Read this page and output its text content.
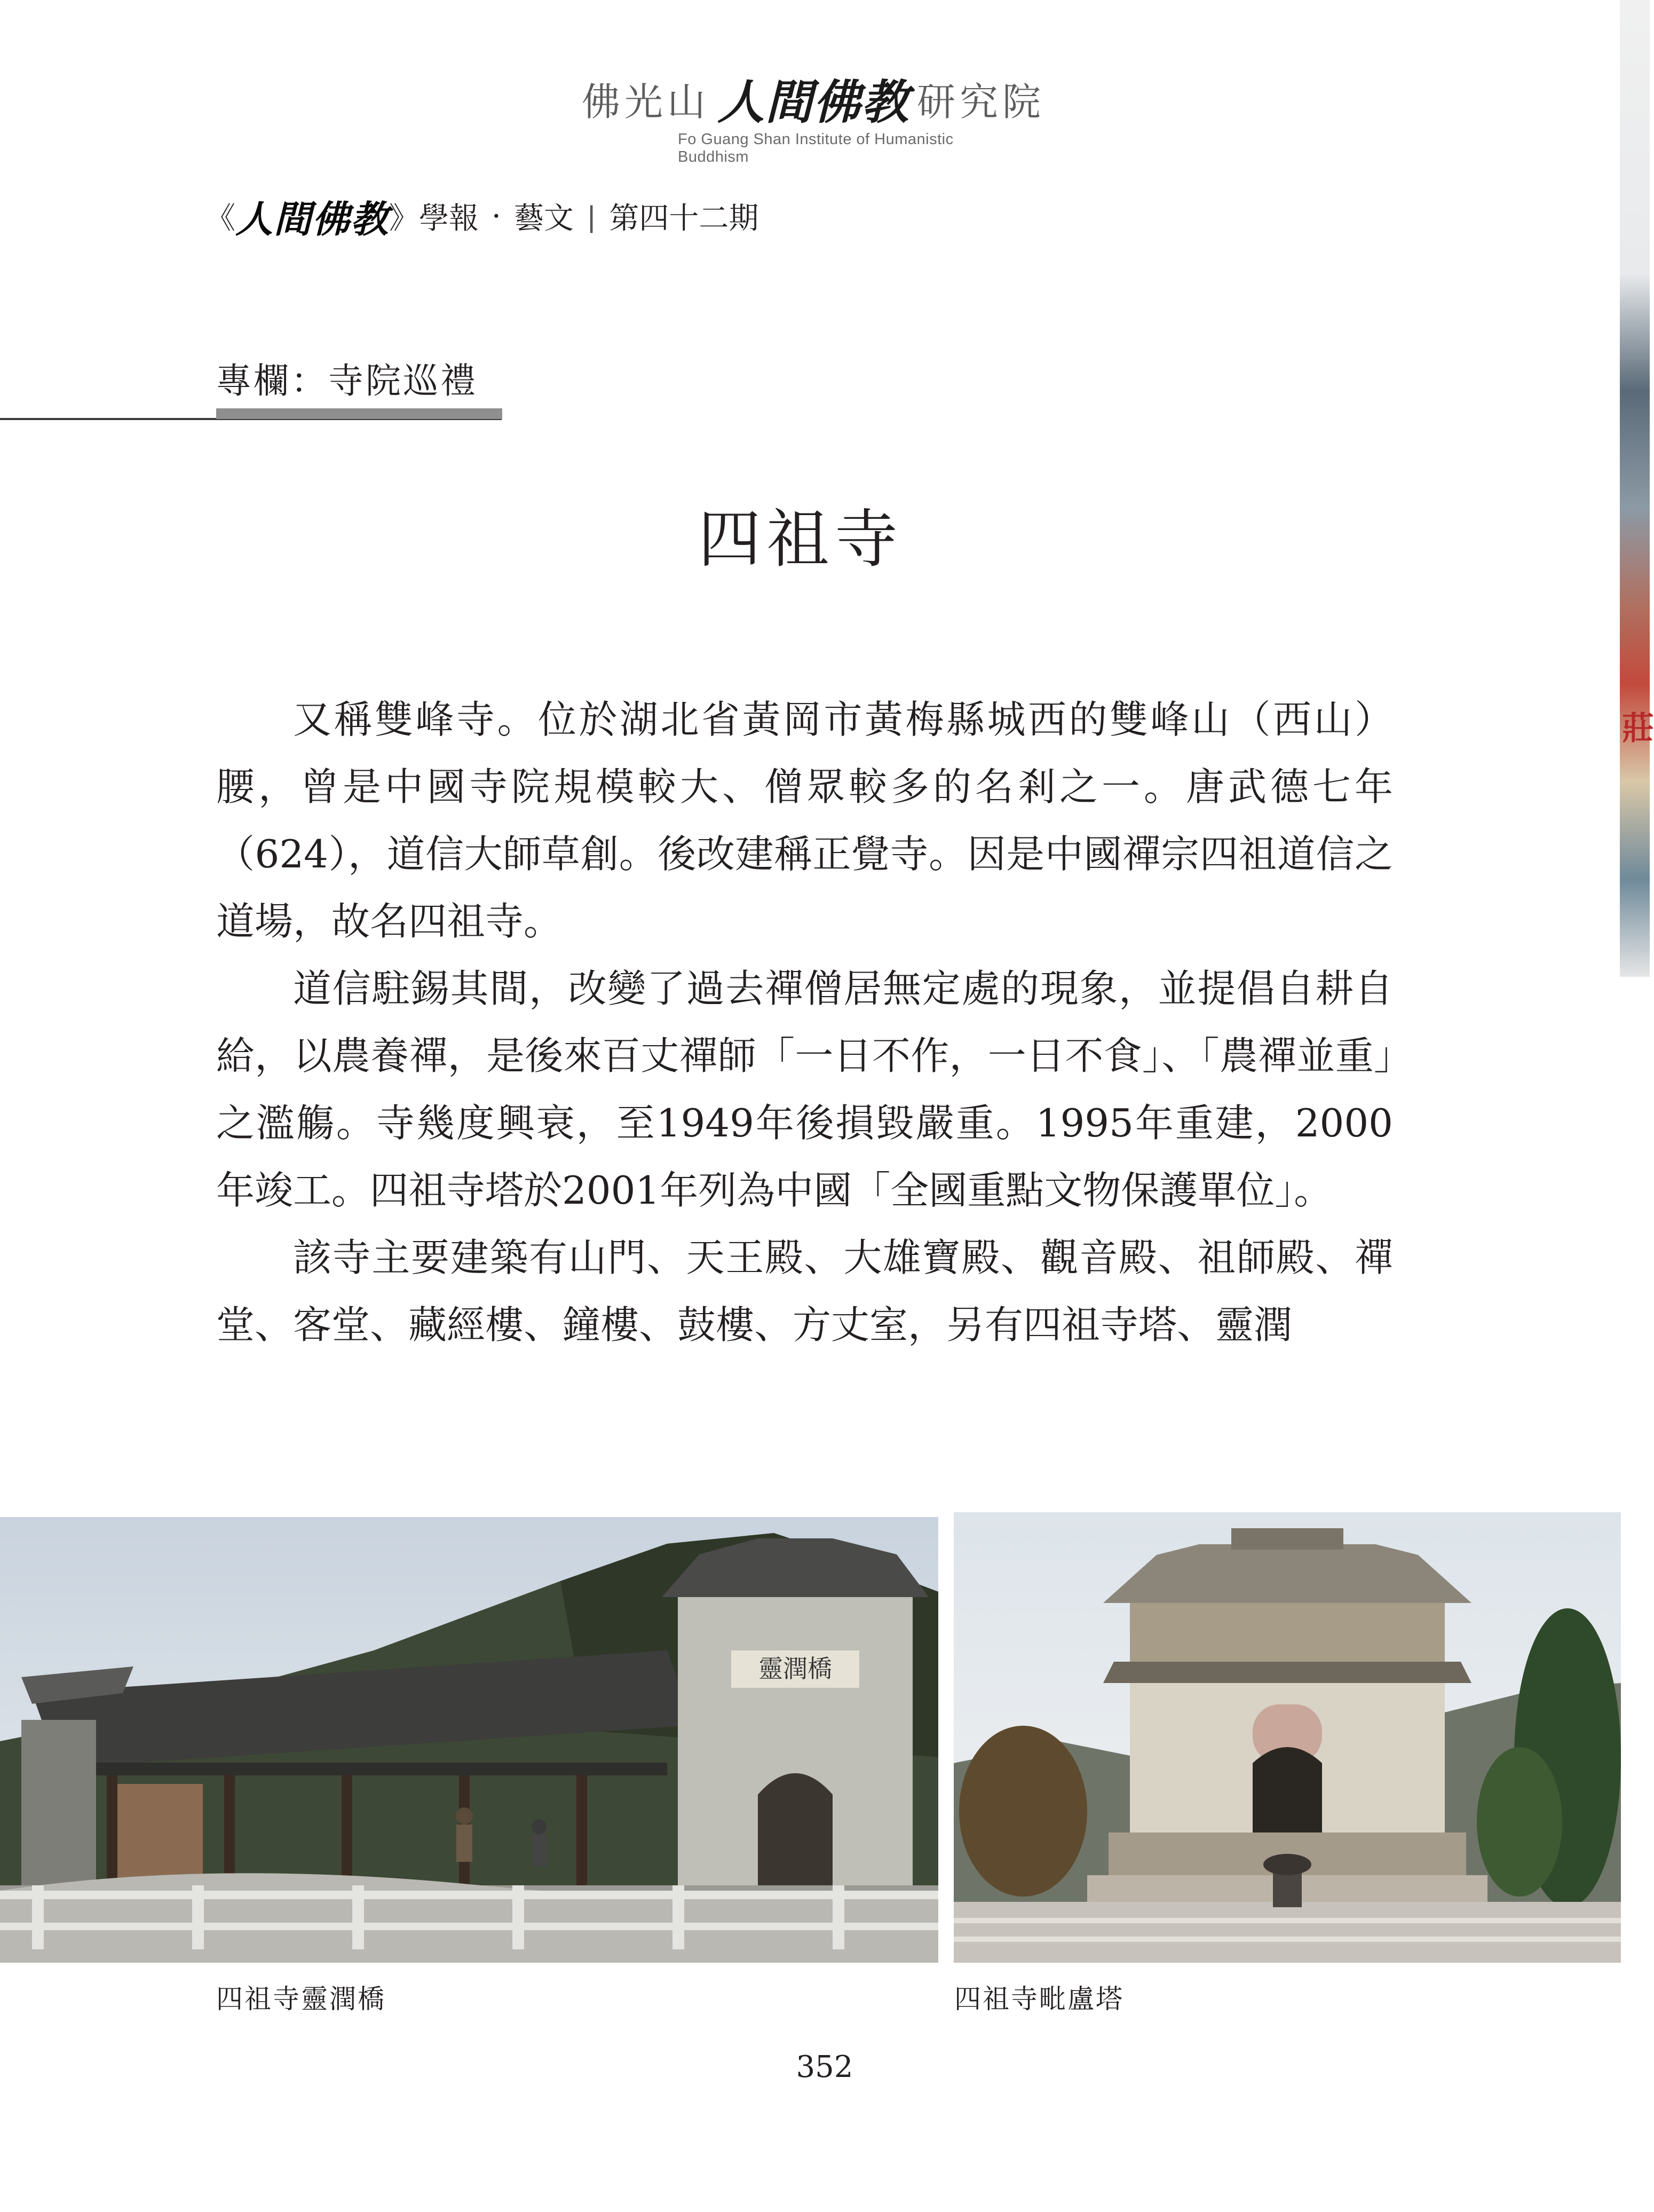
莊
佛光山 人間佛教 研究院
Fo Guang Shan Institute of Humanistic Buddhism
《 人間佛教 》 學報 · 藝文 | 第四十二期
專欄：寺院巡禮
四祖寺

又稱雙峰寺。位於湖北省黃岡市黃梅縣城西的雙峰山（西山）腰，曾是中國寺院規模較大、僧眾較多的名剎之一。唐武德七年（624），道信大師草創。後改建稱正覺寺。因是中國禪宗四祖道信之道場，故名四祖寺。

道信駐錫其間，改變了過去禪僧居無定處的現象，並提倡自耕自給，以農養禪，是後來百丈禪師「一日不作，一日不食」、「農禪並重」之濫觴。寺幾度興衰，至1949年後損毀嚴重。1995年重建，2000年竣工。四祖寺塔於2001年列為中國「全國重點文物保護單位」。

該寺主要建築有山門、天王殿、大雄寶殿、觀音殿、祖師殿、禪堂、客堂、藏經樓、鐘樓、鼓樓、方丈室，另有四祖寺塔、靈潤

靈潤橋
四祖寺靈潤橋	四祖寺毗盧塔
352
